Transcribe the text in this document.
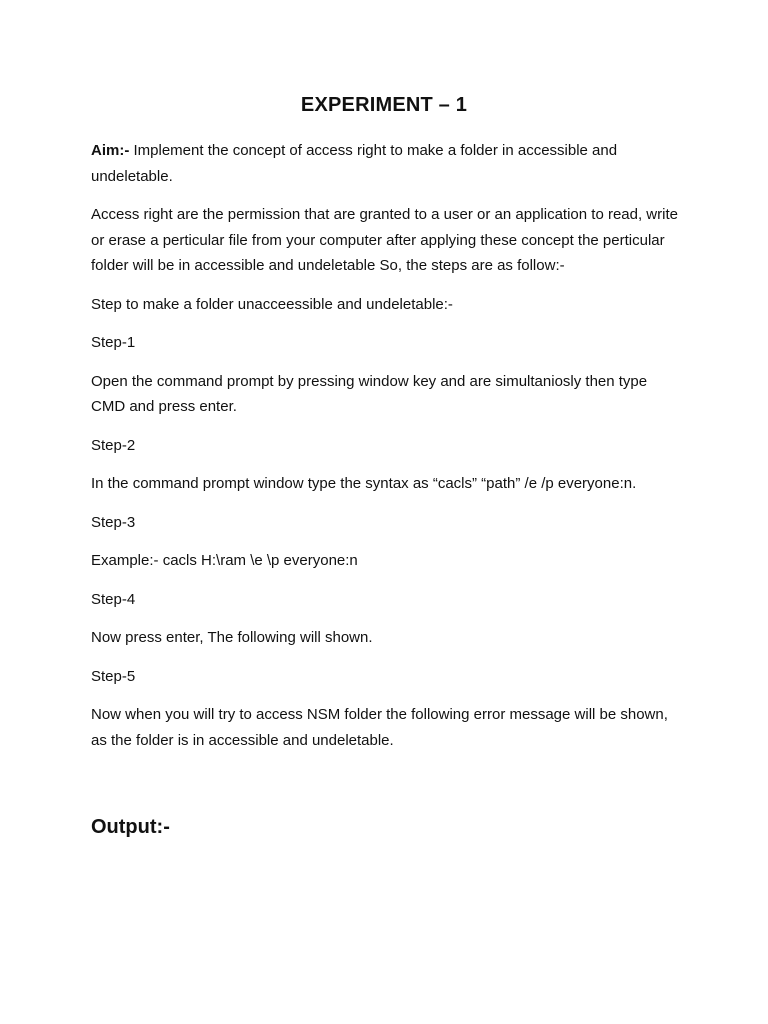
EXPERIMENT – 1

Aim:- Implement the concept of access right to make a folder in accessible and undeletable.

Access right are the permission that are granted to a user or an application to read, write or erase a perticular file from your computer after applying these concept the perticular folder will be in accessible and undeletable So, the steps are as follow:-

Step to make a folder unacceessible and undeletable:-

Step-1

Open the command prompt by pressing window key and are simultaniosly then type CMD and press enter.

Step-2

In the command prompt window type the syntax as “cacls” “path” /e /p everyone:n.

Step-3

Example:- cacls H:\ram \e \p everyone:n

Step-4

Now press enter, The following will shown.

Step-5

Now when you will try to access NSM folder the following error message will be shown, as the folder is in accessible and undeletable.

Output:-
